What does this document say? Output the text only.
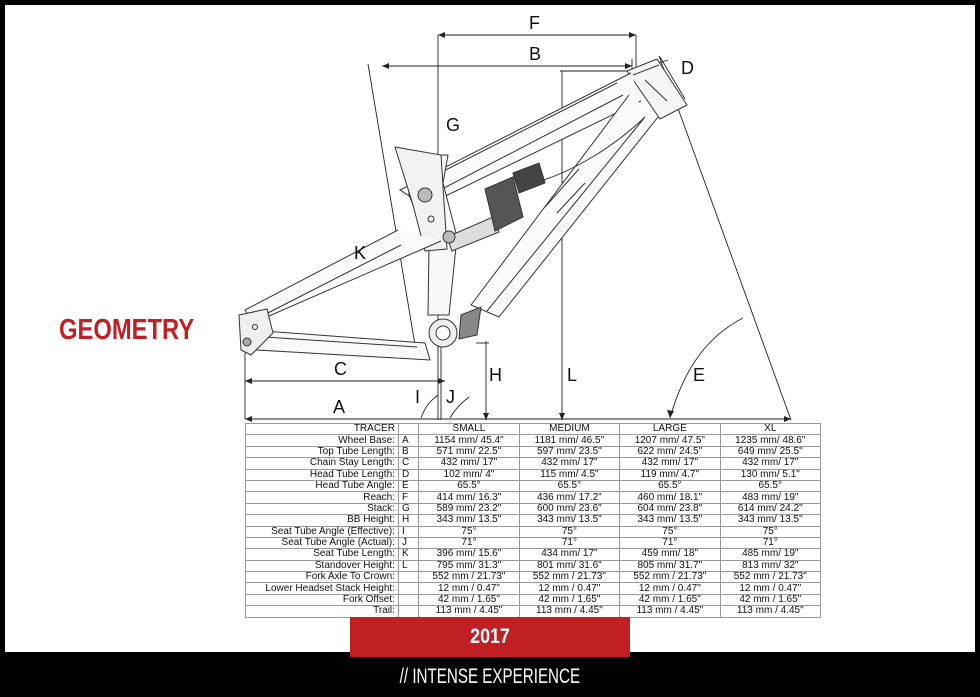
GEOMETRY
F
B
D
G
K
C
A	I J
H	L	E
TRACER		SMALL	MEDIUM	LARGE	XL
Wheel Base:	A	1154 mm/ 45.4"	1181 mm/ 46.5"	1207 mm/ 47.5"	1235 mm/ 48.6"
Top Tube Length:	B	571 mm/ 22.5"	597 mm/ 23.5"	622 mm/ 24.5"	649 mm/ 25.5"
Chain Stay Length:	C	432 mm/ 17"	432 mm/ 17"	432 mm/ 17"	432 mm/ 17"
Head Tube Length:	D	102 mm/ 4"	115 mm/ 4.5"	119 mm/ 4.7"	130 mm/ 5.1"
Head Tube Angle:	E	65.5°	65.5°	65.5°	65.5°
Reach:	F	414 mm/ 16.3"	436 mm/ 17.2"	460 mm/ 18.1"	483 mm/ 19"
Stack:	G	589 mm/ 23.2"	600 mm/ 23.6"	604 mm/ 23.8"	614 mm/ 24.2"
BB Height:	H	343 mm/ 13.5"	343 mm/ 13.5"	343 mm/ 13.5"	343 mm/ 13.5"
Seat Tube Angle (Effective):	I	75°	75°	75°	75°
Seat Tube Angle (Actual):	J	71°	71°	71°	71°
Seat Tube Length:	K	396 mm/ 15.6"	434 mm/ 17"	459 mm/ 18"	485 mm/ 19"
Standover Height:	L	795 mm/ 31.3"	801 mm/ 31.6"	805 mm/ 31.7"	813 mm/ 32"
Fork Axle To Crown:		552 mm / 21.73"	552 mm / 21.73"	552 mm / 21.73"	552 mm / 21.73"
Lower Headset Stack Height:		12 mm / 0.47"	12 mm / 0.47"	12 mm / 0.47"	12 mm / 0.47"
Fork Offset:		42 mm / 1.65"	42 mm / 1.65"	42 mm / 1.65"	42 mm / 1.65"
Trail:		113 mm / 4.45"	113 mm / 4.45"	113 mm / 4.45"	113 mm / 4.45"
2017 // INTENSE EXPERIENCE
